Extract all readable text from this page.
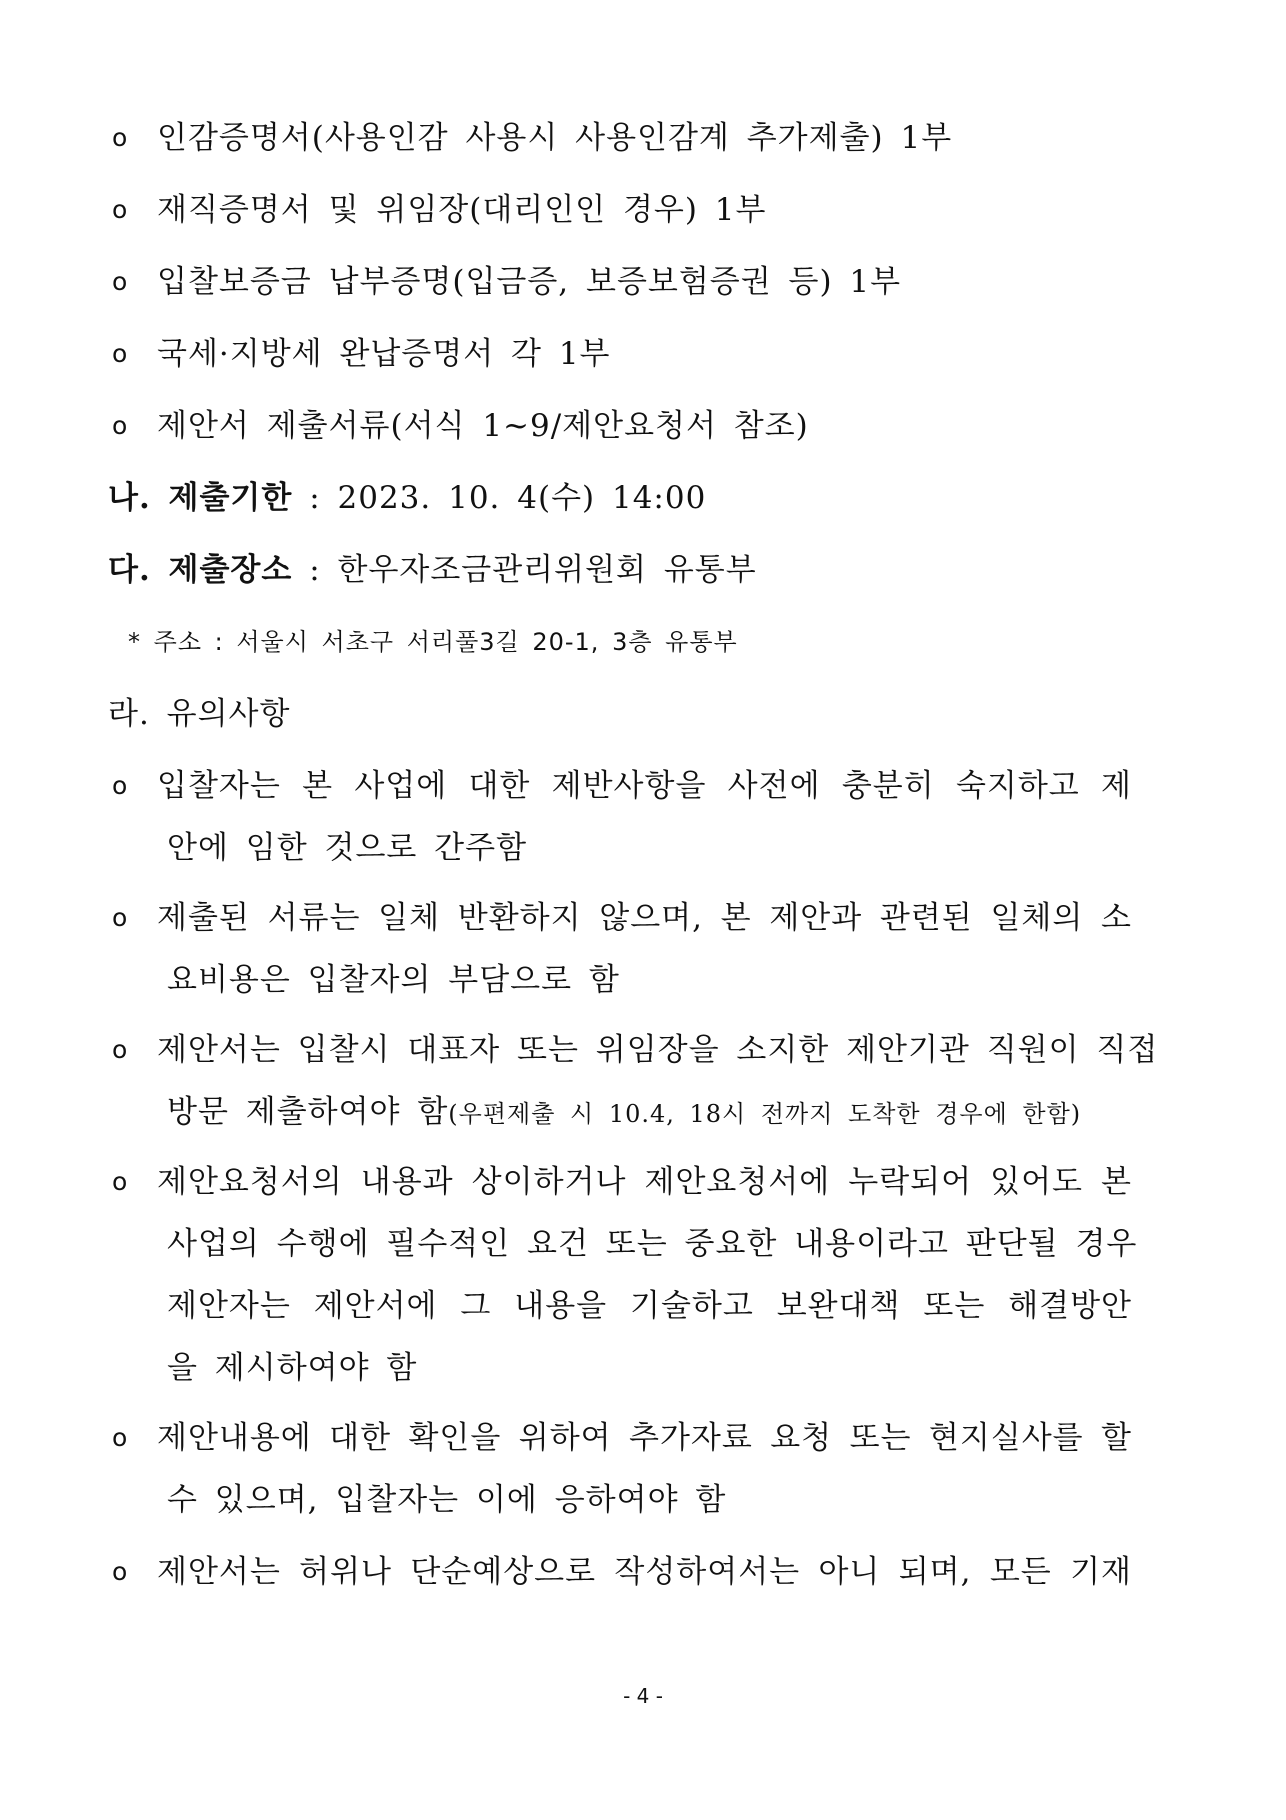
o 인감증명서(사용인감 사용시 사용인감계 추가제출) 1부
o 재직증명서 및 위임장(대리인인 경우) 1부
o 입찰보증금 납부증명(입금증, 보증보험증권 등) 1부
o 국세·지방세 완납증명서 각 1부
o 제안서 제출서류(서식 1~9/제안요청서 참조)
나. 제출기한 : 2023. 10. 4(수) 14:00
다. 제출장소 : 한우자조금관리위원회 유통부
* 주소 : 서울시 서초구 서리풀3길 20-1, 3층 유통부
라. 유의사항
o 입찰자는 본 사업에 대한 제반사항을 사전에 충분히 숙지하고 제
안에 임한 것으로 간주함
o 제출된 서류는 일체 반환하지 않으며, 본 제안과 관련된 일체의 소
요비용은 입찰자의 부담으로 함
o 제안서는 입찰시 대표자 또는 위임장을 소지한 제안기관 직원이 직접
방문 제출하여야 함(우편제출 시 10.4, 18시 전까지 도착한 경우에 한함)
o 제안요청서의 내용과 상이하거나 제안요청서에 누락되어 있어도 본
사업의 수행에 필수적인 요건 또는 중요한 내용이라고 판단될 경우
제안자는 제안서에 그 내용을 기술하고 보완대책 또는 해결방안
을 제시하여야 함
o 제안내용에 대한 확인을 위하여 추가자료 요청 또는 현지실사를 할
수 있으며, 입찰자는 이에 응하여야 함
o 제안서는 허위나 단순예상으로 작성하여서는 아니 되며, 모든 기재
- 4 -
